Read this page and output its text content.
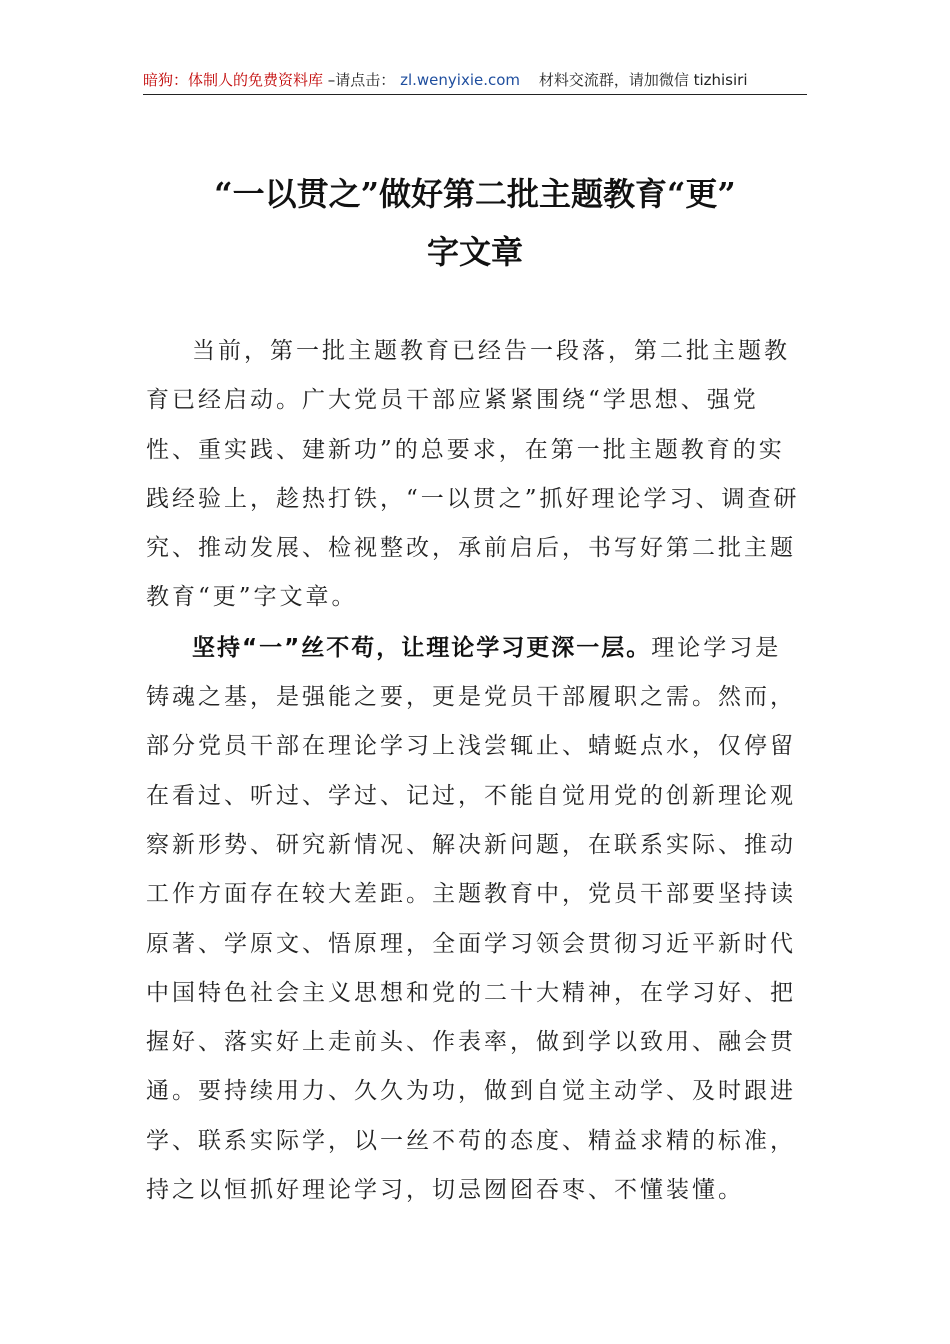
暗狗：体制人的免费资料库 –请点击： zl.wenyixie.com 材料交流群，请加微信 tizhisiri
“一以贯之”做好第二批主题教育“更”
字文章

当前，第一批主题教育已经告一段落，第二批主题教育已经启动。广大党员干部应紧紧围绕“学思想、强党性、重实践、建新功”的总要求，在第一批主题教育的实践经验上，趁热打铁，“一以贯之”抓好理论学习、调查研究、推动发展、检视整改，承前启后，书写好第二批主题教育“更”字文章。

坚持“一”丝不苟，让理论学习更深一层。理论学习是铸魂之基，是强能之要，更是党员干部履职之需。然而，部分党员干部在理论学习上浅尝辄止、蜻蜓点水，仅停留在看过、听过、学过、记过，不能自觉用党的创新理论观察新形势、研究新情况、解决新问题，在联系实际、推动工作方面存在较大差距。主题教育中，党员干部要坚持读原著、学原文、悟原理，全面学习领会贯彻习近平新时代中国特色社会主义思想和党的二十大精神，在学习好、把握好、落实好上走前头、作表率，做到学以致用、融会贯通。要持续用力、久久为功，做到自觉主动学、及时跟进学、联系实际学，以一丝不苟的态度、精益求精的标准，持之以恒抓好理论学习，切忌囫囵吞枣、不懂装懂。
